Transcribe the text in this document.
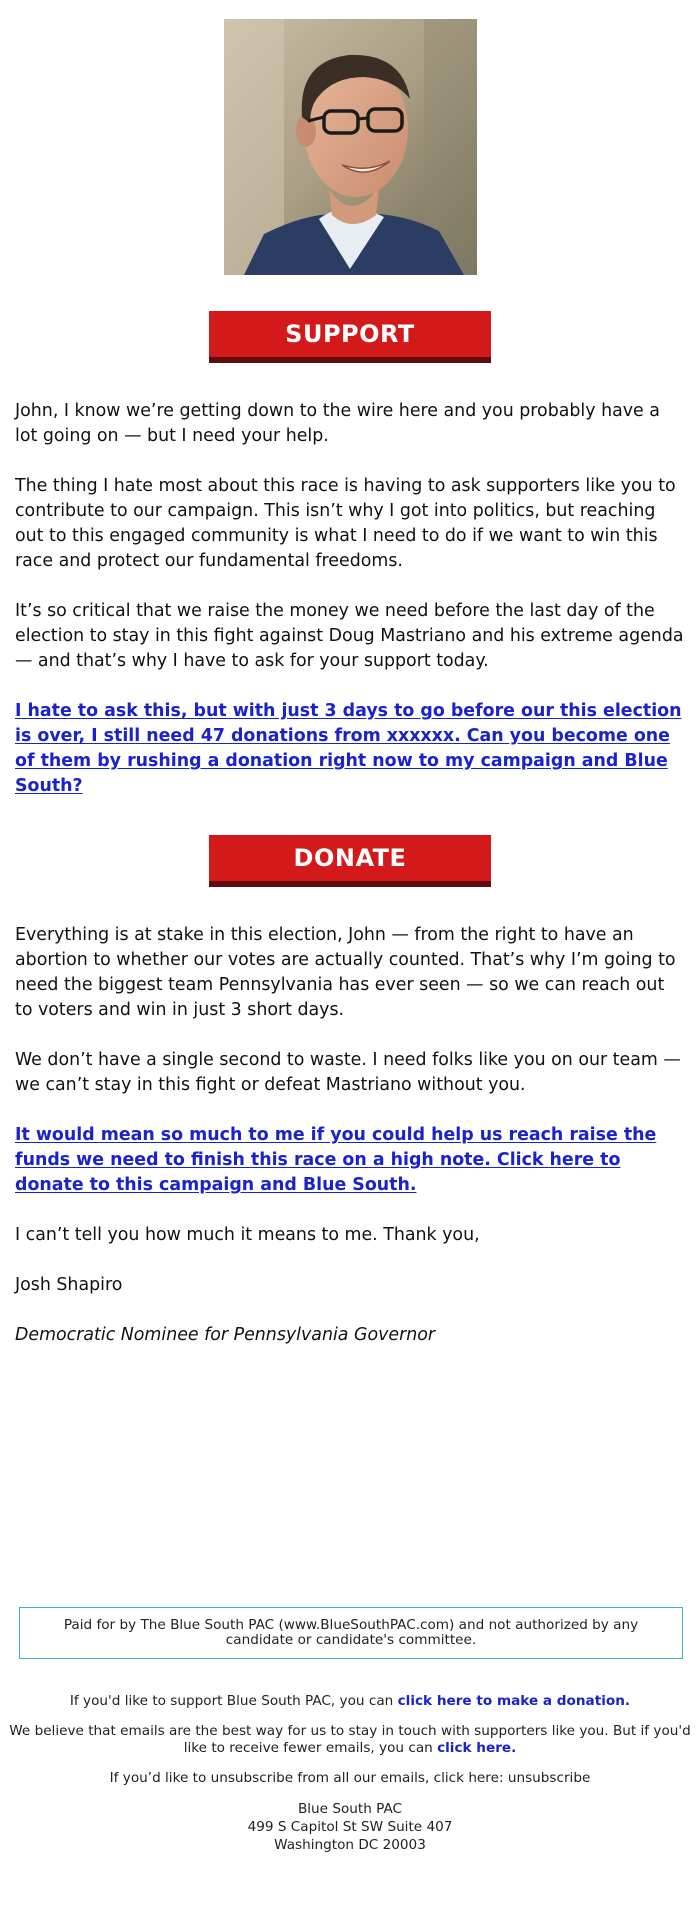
SUPPORT

John, I know we’re getting down to the wire here and you probably have a lot going on — but I need your help.

The thing I hate most about this race is having to ask supporters like you to contribute to our campaign. This isn’t why I got into politics, but reaching out to this engaged community is what I need to do if we want to win this race and protect our fundamental freedoms.

It’s so critical that we raise the money we need before the last day of the election to stay in this fight against Doug Mastriano and his extreme agenda — and that’s why I have to ask for your support today.

I hate to ask this, but with just 3 days to go before our this election is over, I still need 47 donations from xxxxxx. Can you become one of them by rushing a donation right now to my campaign and Blue South?

DONATE

Everything is at stake in this election, John — from the right to have an abortion to whether our votes are actually counted. That’s why I’m going to need the biggest team Pennsylvania has ever seen — so we can reach out to voters and win in just 3 short days.

We don’t have a single second to waste. I need folks like you on our team — we can’t stay in this fight or defeat Mastriano without you.

It would mean so much to me if you could help us reach raise the funds we need to finish this race on a high note. Click here to donate to this campaign and Blue South.

I can’t tell you how much it means to me. Thank you,

Josh Shapiro

Democratic Nominee for Pennsylvania Governor

Paid for by The Blue South PAC (www.BlueSouthPAC.com) and not authorized by any candidate or candidate's committee.

If you'd like to support Blue South PAC, you can click here to make a donation.

We believe that emails are the best way for us to stay in touch with supporters like you. But if you'd like to receive fewer emails, you can click here.

If you’d like to unsubscribe from all our emails, click here: unsubscribe

Blue South PAC

499 S Capitol St SW Suite 407

Washington DC 20003
